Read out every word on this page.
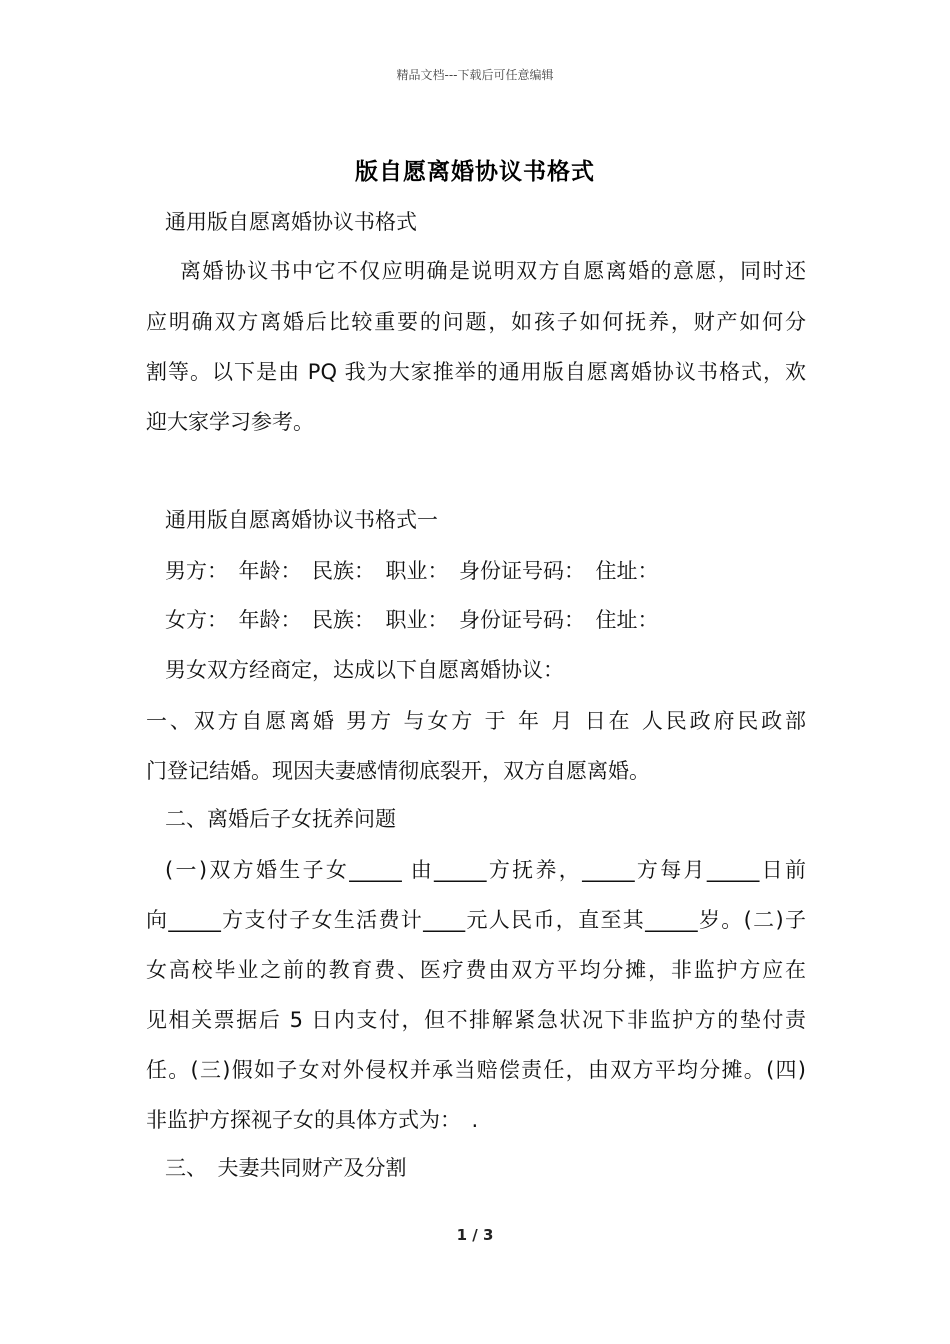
精品文档---下载后可任意编辑
版自愿离婚协议书格式
通用版自愿离婚协议书格式
离婚协议书中它不仅应明确是说明双方自愿离婚的意愿，同时还
应明确双方离婚后比较重要的问题，如孩子如何抚养，财产如何分
割等。以下是由 PQ 我为大家推举的通用版自愿离婚协议书格式，欢
迎大家学习参考。
通用版自愿离婚协议书格式一
男方：　年龄：　民族：　职业：　身份证号码：　住址：
女方：　年龄：　民族：　职业：　身份证号码：　住址：
男女双方经商定，达成以下自愿离婚协议：
一、双方自愿离婚 男方 与女方 于 年 月 日在 人民政府民政部
门登记结婚。现因夫妻感情彻底裂开，双方自愿离婚。
二、离婚后子女抚养问题
(一)双方婚生子女_____ 由_____方抚养，_____方每月_____日前
向_____方支付子女生活费计____元人民币，直至其_____岁。(二)子
女高校毕业之前的教育费、医疗费由双方平均分摊，非监护方应在
见相关票据后 5 日内支付，但不排解紧急状况下非监护方的垫付责
任。(三)假如子女对外侵权并承当赔偿责任，由双方平均分摊。(四)
非监护方探视子女的具体方式为：　.
三、　夫妻共同财产及分割
1 / 3
